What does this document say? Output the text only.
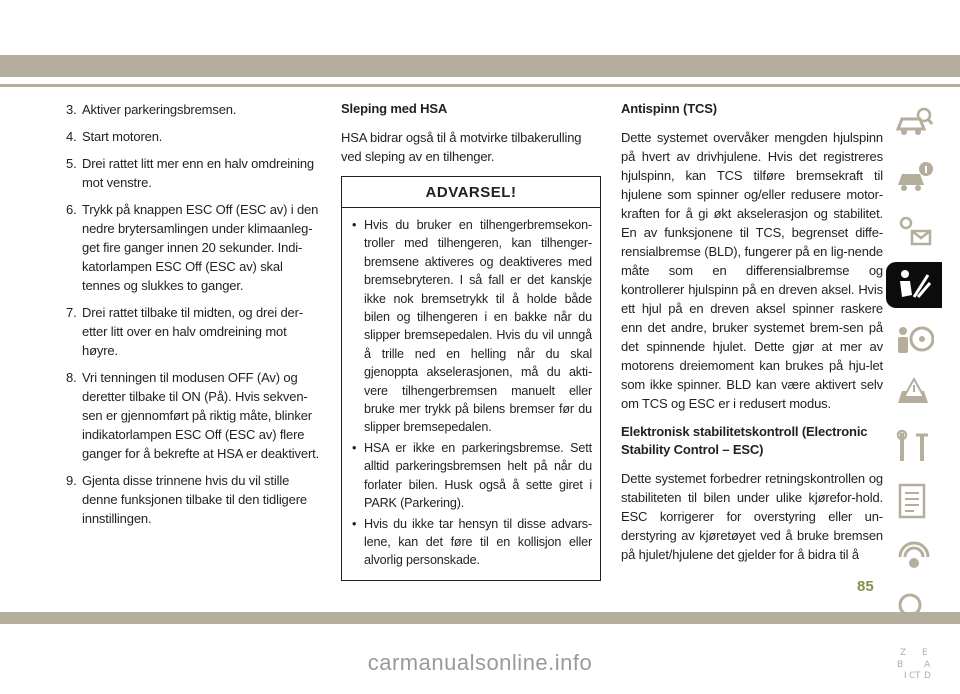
3. Aktiver parkeringsbremsen.
4. Start motoren.
5. Drei rattet litt mer enn en halv omdreining mot venstre.
6. Trykk på knappen ESC Off (ESC av) i den nedre brytersamlingen under klimaanleg-get fire ganger innen 20 sekunder. Indi-katorlampen ESC Off (ESC av) skal tennes og slukkes to ganger.
7. Drei rattet tilbake til midten, og drei der-etter litt over en halv omdreining mot høyre.
8. Vri tenningen til modusen OFF (Av) og deretter tilbake til ON (På). Hvis sekven-sen er gjennomført på riktig måte, blinker indikatorlampen ESC Off (ESC av) flere ganger for å bekrefte at HSA er deaktivert.
9. Gjenta disse trinnene hvis du vil stille denne funksjonen tilbake til den tidligere innstillingen.
Sleping med HSA

HSA bidrar også til å motvirke tilbakerulling ved sleping av en tilhenger.

ADVARSEL!
• Hvis du bruker en tilhengerbremsekon-troller med tilhengeren, kan tilhenger-bremsene aktiveres og deaktiveres med bremsebryteren. I så fall er det kanskje ikke nok bremsetrykk til å holde både bilen og tilhengeren i en bakke når du slipper bremsepedalen. Hvis du vil unngå å trille ned en helling når du skal gjenoppta akselerasjonen, må du akti-vere tilhengerbremsen manuelt eller bruke mer trykk på bilens bremser før du slipper bremsepedalen.
• HSA er ikke en parkeringsbremse. Sett alltid parkeringsbremsen helt på når du forlater bilen. Husk også å sette giret i PARK (Parkering).
• Hvis du ikke tar hensyn til disse advars-lene, kan det føre til en kollisjon eller alvorlig personskade.
Antispinn (TCS)

Dette systemet overvåker mengden hjulspinn på hvert av drivhjulene. Hvis det registreres hjulspinn, kan TCS tilføre bremsekraft til hjulene som spinner og/eller redusere motor-kraften for å gi økt akselerasjon og stabilitet. En av funksjonene til TCS, begrenset diffe-rensialbremse (BLD), fungerer på en lig-nende måte som en differensialbremse og kontrollerer hjulspinn på en dreven aksel. Hvis ett hjul på en dreven aksel spinner raskere enn det andre, bruker systemet brem-sen på det spinnende hjulet. Dette gjør at mer av motorens dreiemoment kan brukes på hju-let som ikke spinner. BLD kan være aktivert selv om TCS og ESC er i redusert modus.

Elektronisk stabilitetskontroll (Electronic Stability Control – ESC)

Dette systemet forbedrer retningskontrollen og stabiliteten til bilen under ulike kjørefor-hold. ESC korrigerer for overstyring eller un-derstyring av kjøretøyet ved å bruke bremsen på hjulet/hjulene det gjelder for å bidra til å

Z E
B A
I C T D
85
carmanualsonline.info
